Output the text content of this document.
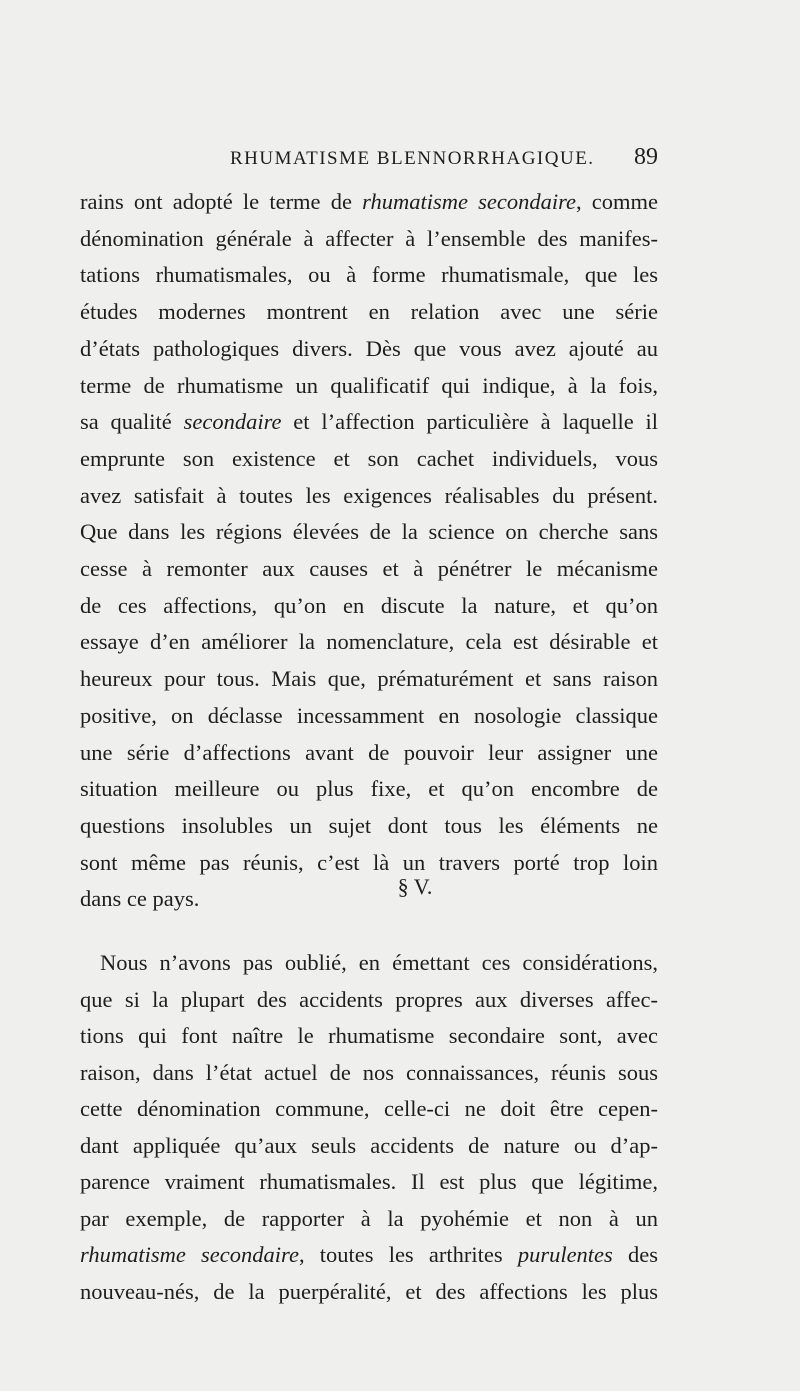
RHUMATISME BLENNORRHAGIQUE. 89
rains ont adopté le terme de rhumatisme secondaire, comme
dénomination générale à affecter à l’ensemble des manifes-
tations rhumatismales, ou à forme rhumatismale, que les
études modernes montrent en relation avec une série
d’états pathologiques divers. Dès que vous avez ajouté au
terme de rhumatisme un qualificatif qui indique, à la fois,
sa qualité secondaire et l’affection particulière à laquelle il
emprunte son existence et son cachet individuels, vous
avez satisfait à toutes les exigences réalisables du présent.
Que dans les régions élevées de la science on cherche sans
cesse à remonter aux causes et à pénétrer le mécanisme
de ces affections, qu’on en discute la nature, et qu’on
essaye d’en améliorer la nomenclature, cela est désirable et
heureux pour tous. Mais que, prématurément et sans raison
positive, on déclasse incessamment en nosologie classique
une série d’affections avant de pouvoir leur assigner une
situation meilleure ou plus fixe, et qu’on encombre de
questions insolubles un sujet dont tous les éléments ne
sont même pas réunis, c’est là un travers porté trop loin
dans ce pays.	§ V.
Nous n’avons pas oublié, en émettant ces considérations,
que si la plupart des accidents propres aux diverses affec-
tions qui font naître le rhumatisme secondaire sont, avec
raison, dans l’état actuel de nos connaissances, réunis sous
cette dénomination commune, celle-ci ne doit être cepen-
dant appliquée qu’aux seuls accidents de nature ou d’ap-
parence vraiment rhumatismales. Il est plus que légitime,
par exemple, de rapporter à la pyohémie et non à un
rhumatisme secondaire, toutes les arthrites purulentes des
nouveau-nés, de la puerpéralité, et des affections les plus
